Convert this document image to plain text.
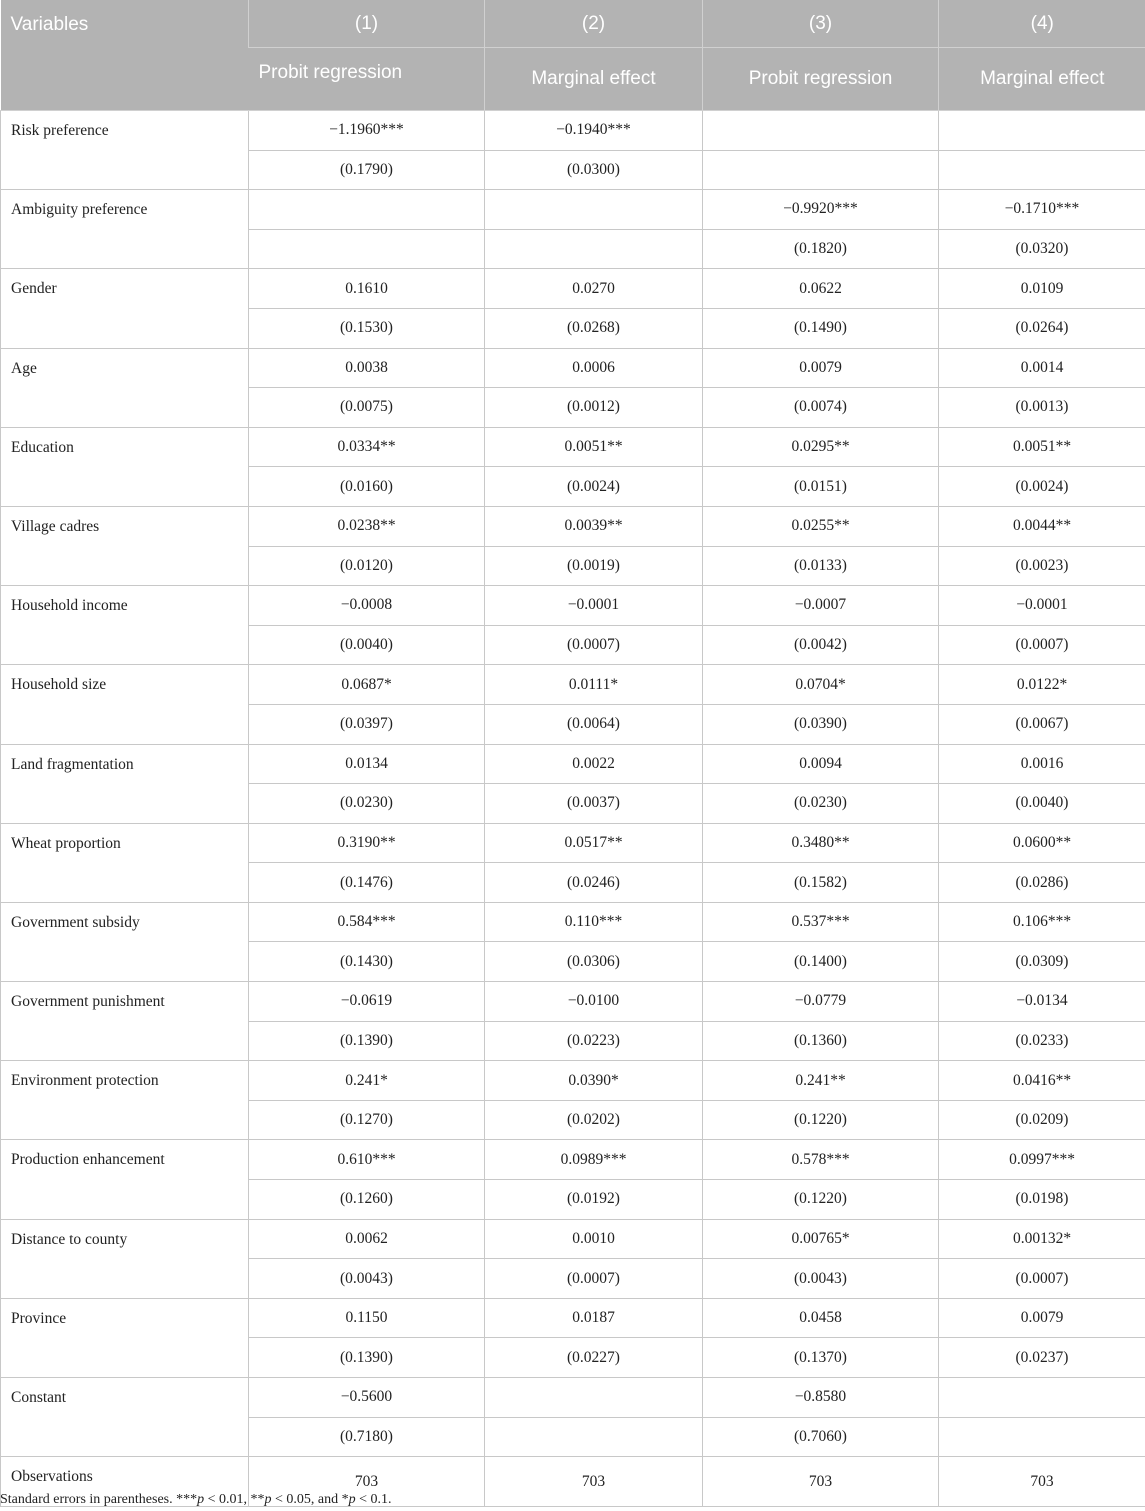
Variables	(1)	(2)	(3)	(4)
	Probit regression	Marginal effect	Probit regression	Marginal effect
Risk preference	−1.1960***	−0.1940***		
	(0.1790)	(0.0300)		
Ambiguity preference			−0.9920***	−0.1710***
			(0.1820)	(0.0320)
Gender	0.1610	0.0270	0.0622	0.0109
	(0.1530)	(0.0268)	(0.1490)	(0.0264)
Age	0.0038	0.0006	0.0079	0.0014
	(0.0075)	(0.0012)	(0.0074)	(0.0013)
Education	0.0334**	0.0051**	0.0295**	0.0051**
	(0.0160)	(0.0024)	(0.0151)	(0.0024)
Village cadres	0.0238**	0.0039**	0.0255**	0.0044**
	(0.0120)	(0.0019)	(0.0133)	(0.0023)
Household income	−0.0008	−0.0001	−0.0007	−0.0001
	(0.0040)	(0.0007)	(0.0042)	(0.0007)
Household size	0.0687*	0.0111*	0.0704*	0.0122*
	(0.0397)	(0.0064)	(0.0390)	(0.0067)
Land fragmentation	0.0134	0.0022	0.0094	0.0016
	(0.0230)	(0.0037)	(0.0230)	(0.0040)
Wheat proportion	0.3190**	0.0517**	0.3480**	0.0600**
	(0.1476)	(0.0246)	(0.1582)	(0.0286)
Government subsidy	0.584***	0.110***	0.537***	0.106***
	(0.1430)	(0.0306)	(0.1400)	(0.0309)
Government punishment	−0.0619	−0.0100	−0.0779	−0.0134
	(0.1390)	(0.0223)	(0.1360)	(0.0233)
Environment protection	0.241*	0.0390*	0.241**	0.0416**
	(0.1270)	(0.0202)	(0.1220)	(0.0209)
Production enhancement	0.610***	0.0989***	0.578***	0.0997***
	(0.1260)	(0.0192)	(0.1220)	(0.0198)
Distance to county	0.0062	0.0010	0.00765*	0.00132*
	(0.0043)	(0.0007)	(0.0043)	(0.0007)
Province	0.1150	0.0187	0.0458	0.0079
	(0.1390)	(0.0227)	(0.1370)	(0.0237)
Constant	−0.5600		−0.8580	
	(0.7180)		(0.7060)	
Observations	703	703	703	703
Standard errors in parentheses. ***p < 0.01, **p < 0.05, and *p < 0.1.
